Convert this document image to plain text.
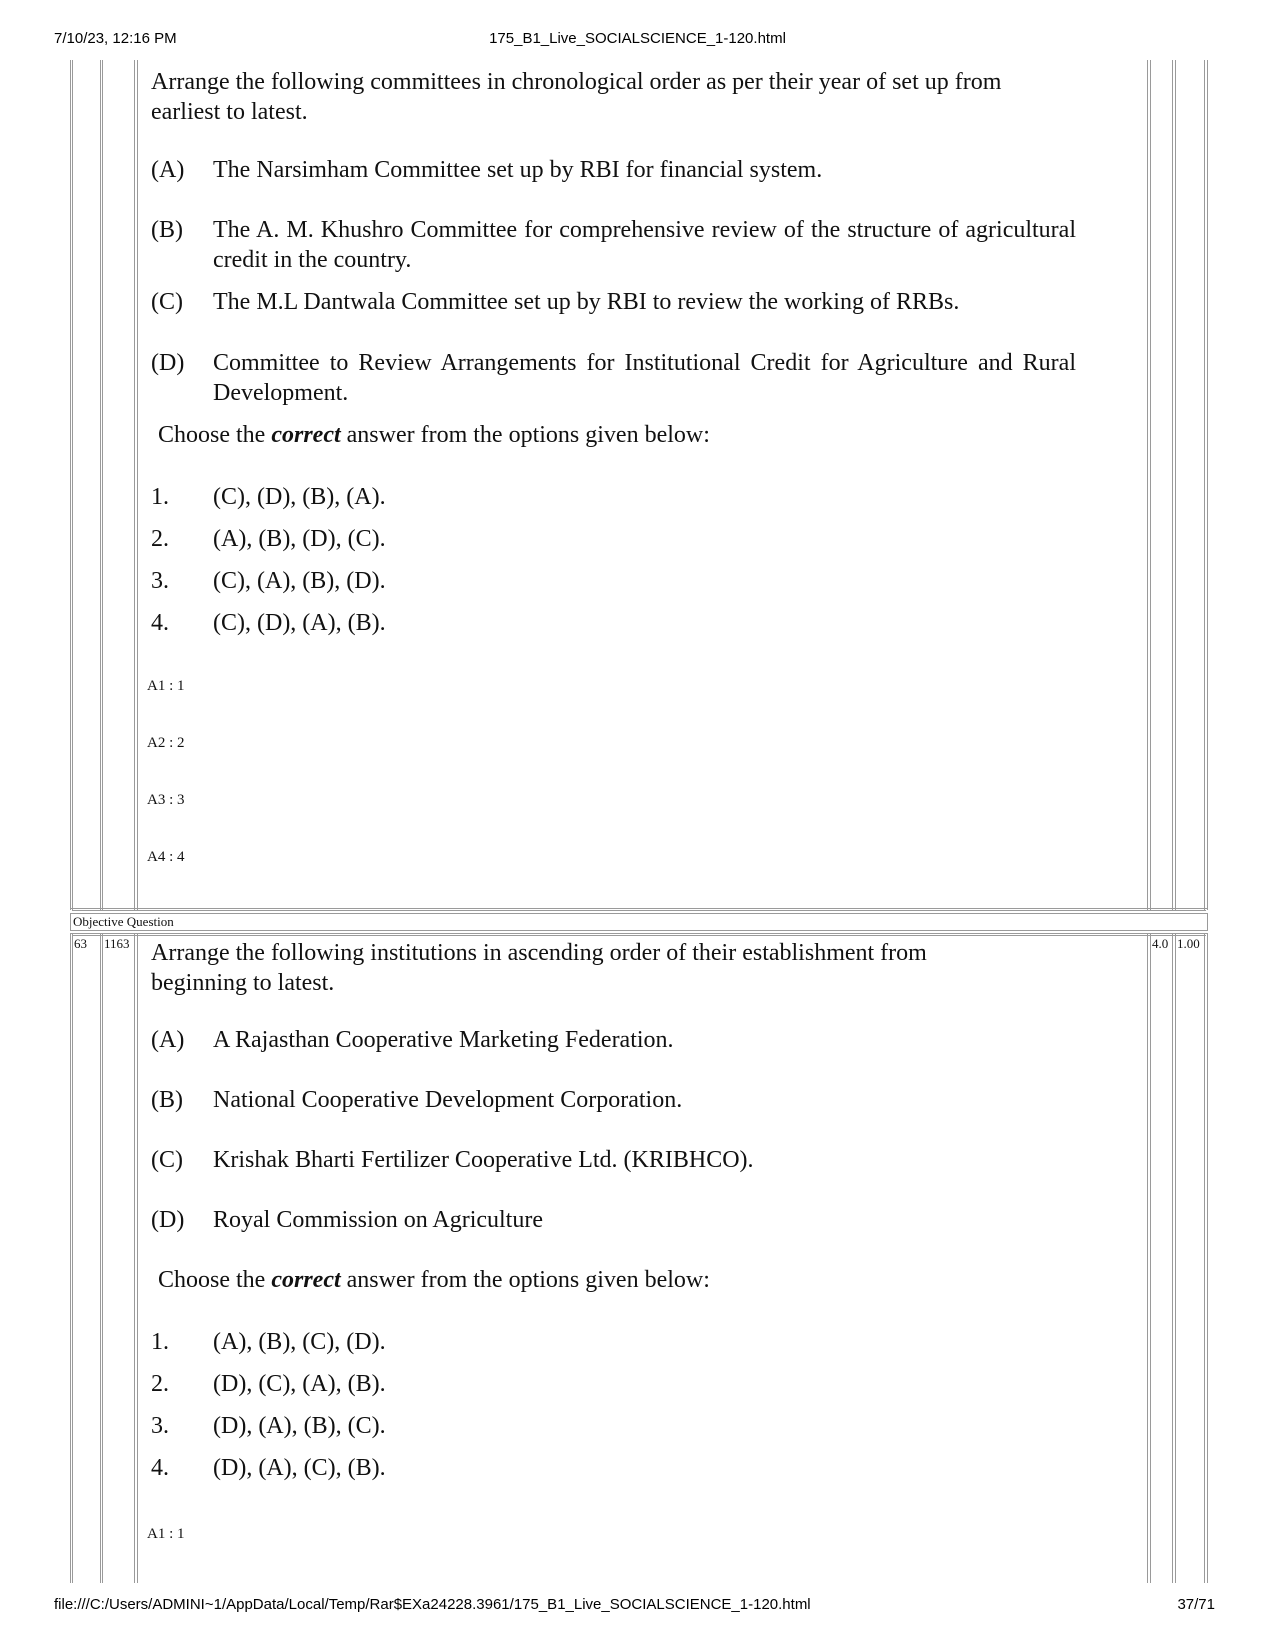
7/10/23, 12:16 PM	175_B1_Live_SOCIALSCIENCE_1-120.html
file:///C:/Users/ADMINI~1/AppData/Local/Temp/Rar$EXa24228.3961/175_B1_Live_SOCIALSCIENCE_1-120.html	37/71
Objective Question
63 1163	4.0 1.00

Arrange the following committees in chronological order as per their year of set up from earliest to latest.

(A) The Narsimham Committee set up by RBI for financial system.
(B) The A. M. Khushro Committee for comprehensive review of the structure of agricultural credit in the country.
(C) The M.L Dantwala Committee set up by RBI to review the working of RRBs.
(D) Committee to Review Arrangements for Institutional Credit for Agriculture and Rural Development.

Choose the correct answer from the options given below:

1. (C), (D), (B), (A).
2. (A), (B), (D), (C).
3. (C), (A), (B), (D).
4. (C), (D), (A), (B).

A1 : 1

A2 : 2

A3 : 3

A4 : 4

Arrange the following institutions in ascending order of their establishment from beginning to latest.

(A) A Rajasthan Cooperative Marketing Federation.
(B) National Cooperative Development Corporation.
(C) Krishak Bharti Fertilizer Cooperative Ltd. (KRIBHCO).
(D) Royal Commission on Agriculture

Choose the correct answer from the options given below:

1. (A), (B), (C), (D).
2. (D), (C), (A), (B).
3. (D), (A), (B), (C).
4. (D), (A), (C), (B).

A1 : 1
